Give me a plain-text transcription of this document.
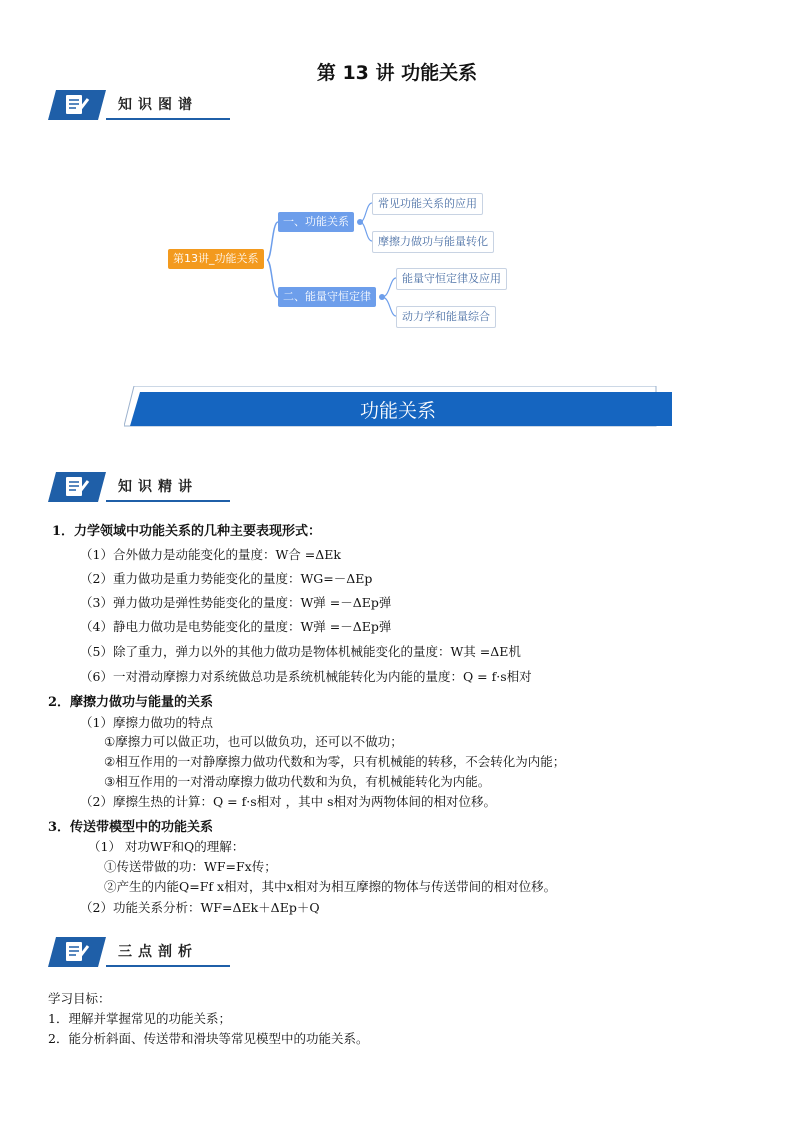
第 13 讲 功能关系
知识图谱
第13讲_功能关系
一、功能关系
二、能量守恒定律
常见功能关系的应用
摩擦力做功与能量转化
能量守恒定律及应用
动力学和能量综合
功能关系
知识精讲
1．力学领域中功能关系的几种主要表现形式：
（1）合外做力是动能变化的量度：W合 =ΔEk
（2）重力做功是重力势能变化的量度：WG=－ΔEp
（3）弹力做功是弹性势能变化的量度：W弹 =－ΔEp弹
（4）静电力做功是电势能变化的量度：W弹 =－ΔEp弹
（5）除了重力，弹力以外的其他力做功是物体机械能变化的量度：W其 =ΔE机
（6）一对滑动摩擦力对系统做总功是系统机械能转化为内能的量度：Q = f·s相对
2．摩擦力做功与能量的关系
（1）摩擦力做功的特点
①摩擦力可以做正功，也可以做负功，还可以不做功；
②相互作用的一对静摩擦力做功代数和为零，只有机械能的转移，不会转化为内能；
③相互作用的一对滑动摩擦力做功代数和为负，有机械能转化为内能。
（2）摩擦生热的计算：Q = f·s相对 ，其中 s相对为两物体间的相对位移。
3．传送带模型中的功能关系
（1） 对功WF和Q的理解：
①传送带做的功：WF=Fx传；
②产生的内能Q=Ff x相对，其中x相对为相互摩擦的物体与传送带间的相对位移。
（2）功能关系分析：WF=ΔEk＋ΔEp＋Q
三点剖析
学习目标：
1．理解并掌握常见的功能关系；
2．能分析斜面、传送带和滑块等常见模型中的功能关系。
